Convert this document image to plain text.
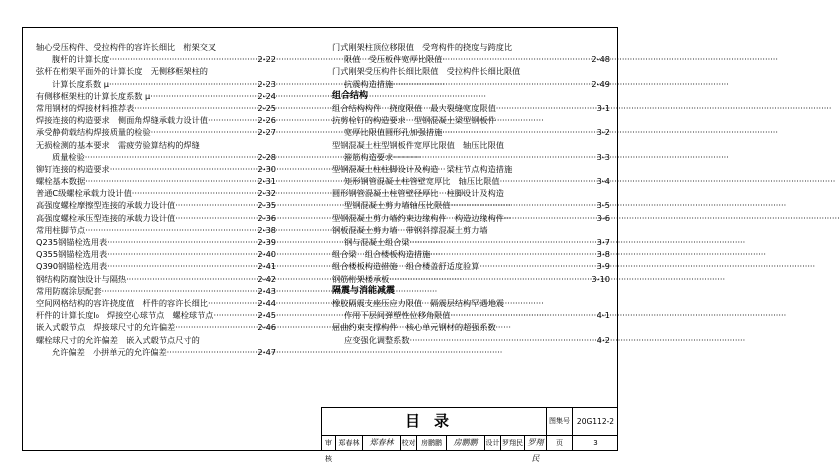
轴心受压构件、受拉构件的容许长细比　桁架交叉
腹杆的计算长度 ·····	2-22
弦杆在桁架平面外的计算长度　无侧移框架柱的
计算长度系数 μ ·····	2-23
有侧移框架柱的计算长度系数 μ ·····	2-24
常用钢材的焊接材料推荐表 ·····	2-25
焊接连接的构造要求　侧面角焊缝承载力设计值 ·····	2-26
承受静荷载结构焊接质量的检验 ·····	2-27
无损检测的基本要求　需疲劳验算结构的焊缝
质量检验 ·····	2-28
铆钉连接的构造要求 ·····	2-30
螺栓基本数据 ·····	2-31
普通C级螺栓承载力设计值 ·····	2-32
高强度螺栓摩擦型连接的承载力设计值 ·····	2-35
高强度螺栓承压型连接的承载力设计值 ·····	2-36
常用柱脚节点 ·····	2-38
Q235钢锚栓选用表 ·····	2-39
Q355钢锚栓选用表 ·····	2-40
Q390钢锚栓选用表 ·····	2-41
钢结构防腐蚀设计与隔热 ·····	2-42
常用防腐涂层配套 ·····	2-43
空间网格结构的容许挠度值　杆件的容许长细比 ·····	2-44
杆件的计算长度l₀　焊接空心球节点　螺栓球节点 ·····	2-45
嵌入式毂节点　焊接球尺寸的允许偏差 ·····	2-46
螺栓球尺寸的允许偏差　嵌入式毂节点尺寸的
允许偏差　小拼单元的允许偏差 ·····	2-47
门式刚架柱顶位移限值　受弯构件的挠度与跨度比
限值　受压板件宽厚比限值 ·····	2-48
门式刚架受压构件长细比限值　受拉构件长细比限值
抗震构造措施 ·····	2-49
组合结构
组合结构构件　挠度限值　最大裂缝宽度限值 ·····	3-1
抗剪栓钉的构造要求　型钢混凝土梁型钢板件
宽厚比限值圆形孔加强措施 ·····	3-2
型钢混凝土柱型钢板件宽厚比限值　轴压比限值
箍筋构造要求 ·····	3-3
型钢混凝土柱柱脚设计及构造　梁柱节点构造措施
矩形钢管混凝土柱管壁宽厚比　轴压比限值 ·····	3-4
圆形钢管混凝土柱管壁径厚比　柱脚设计及构造
型钢混凝土剪力墙轴压比限值 ·····	3-5
型钢混凝土剪力墙约束边缘构件　构造边缘构件 ·····	3-6
钢板混凝土剪力墙　带钢斜撑混凝土剪力墙
钢与混凝土组合梁 ·····	3-7
组合梁　组合楼板构造措施 ·····	3-8
组合楼板构造措施　组合楼盖舒适度验算 ·····	3-9
钢筋桁架楼承板 ·····	3-10
隔震与消能减震
橡胶隔震支座压应力限值　隔震层结构罕遇地震
作用下层间弹塑性位移角限值 ·····	4-1
屈曲约束支撑构件　核心单元钢材的超强系数
应变强化调整系数 ·····	4-2
目录	图集号 20G112-2
审核
郑春林	郑春林	校对 房鹏鹏	房鹏鹏	设计 罗翔民 罗翔民
页	3
